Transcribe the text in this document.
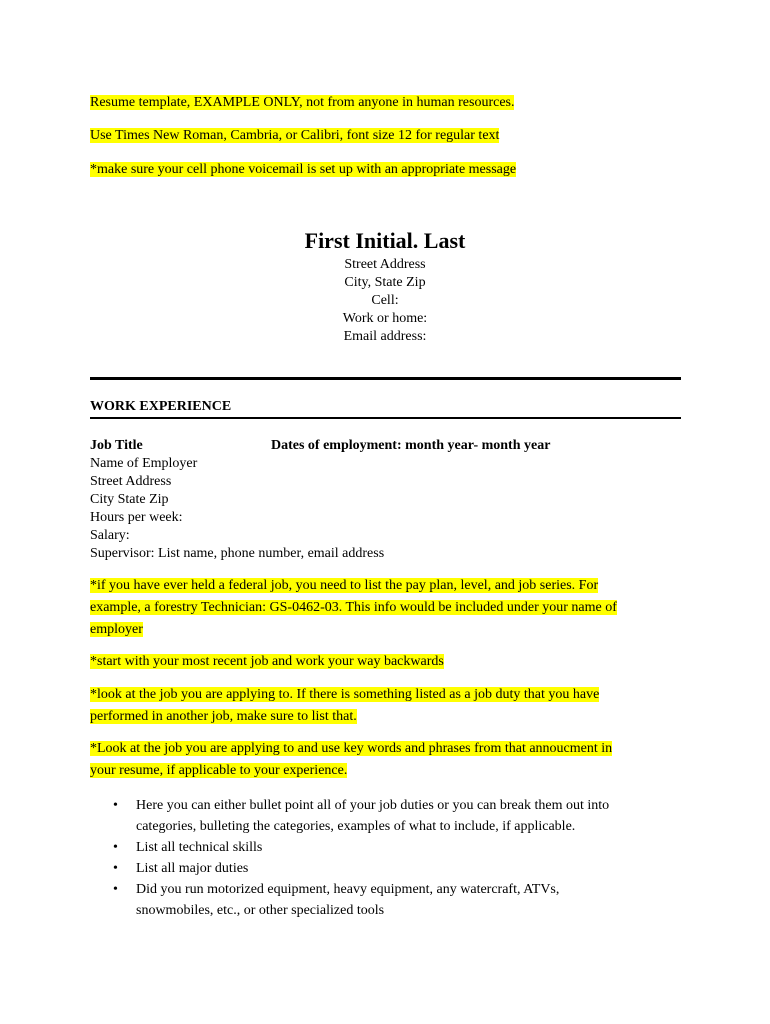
Resume template, EXAMPLE ONLY, not from anyone in human resources.

Use Times New Roman, Cambria, or Calibri, font size 12 for regular text

*make sure your cell phone voicemail is set up with an appropriate message

First Initial. Last

Street Address

City, State Zip

Cell:

Work or home:

Email address:

WORK EXPERIENCE

Job Title	Dates of employment: month year- month year

Name of Employer

Street Address

City State Zip

Hours per week:

Salary:

Supervisor: List name, phone number, email address

*if you have ever held a federal job, you need to list the pay plan, level, and job series. For

example, a forestry Technician: GS-0462-03. This info would be included under your name of

employer

*start with your most recent job and work your way backwards

*look at the job you are applying to. If there is something listed as a job duty that you have

performed in another job, make sure to list that.

*Look at the job you are applying to and use key words and phrases from that annoucment in

your resume, if applicable to your experience.

• Here you can either bullet point all of your job duties or you can break them out into
categories, bulleting the categories, examples of what to include, if applicable.
• List all technical skills
• List all major duties
• Did you run motorized equipment, heavy equipment, any watercraft, ATVs,
snowmobiles, etc., or other specialized tools
